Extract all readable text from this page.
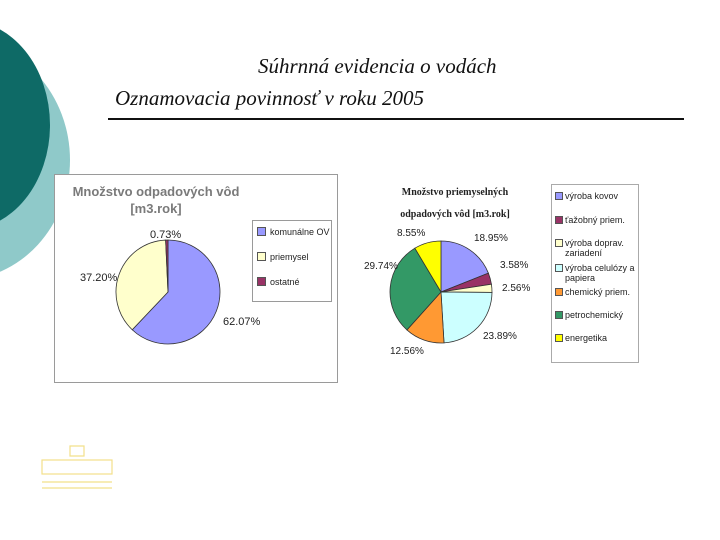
Súhrnná evidencia o vodách
Oznamovacia povinnosť v roku 2005
Množstvo odpadových vôd
[m3.rok]
komunálne OV
priemysel
ostatné
Množstvo priemyselných
odpadových vôd [m3.rok]
výroba kovov
ťažobný priem.
výroba doprav. zariadení
výroba celulózy a papiera
chemický priem.
petrochemický
energetika
62.07%
37.20%
0.73%	18.95%
3.58%
2.56%
23.89%
12.56%
29.74%
8.55%
